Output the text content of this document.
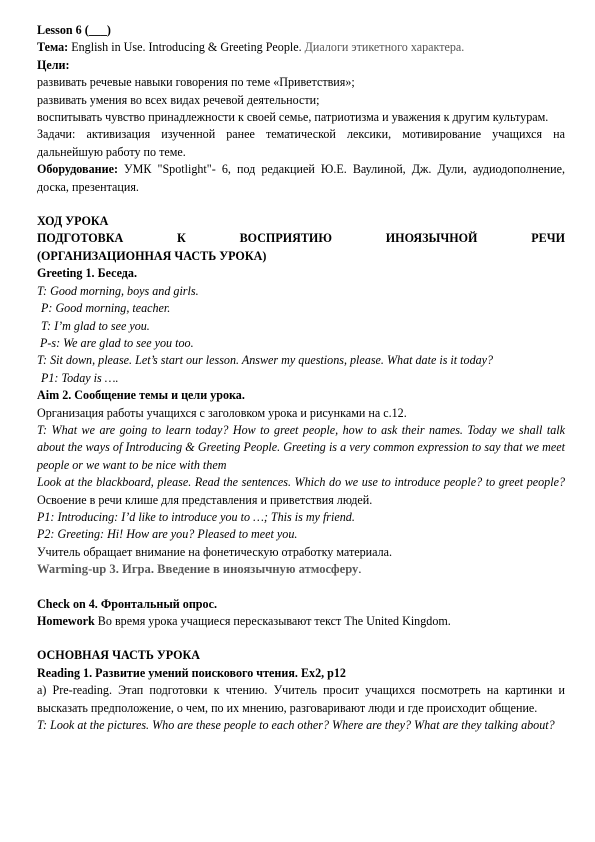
Lesson 6 (___)

Тема: English in Use. Introducing & Greeting People. Диалоги этикетного характера.

Цели:

развивать речевые навыки говорения по теме «Приветствия»;

развивать умения во всех видах речевой деятельности;

воспитывать чувство принадлежности к своей семье, патриотизма и уважения к другим культурам.

Задачи: активизация изученной ранее тематической лексики, мотивирование учащихся на дальнейшую работу по теме.

Оборудование: УМК "Spotlight"- 6, под редакцией Ю.Е. Ваулиной, Дж. Дули, аудиодополнение, доска, презентация.

ХОД УРОКА

ПОДГОТОВКА К ВОСПРИЯТИЮ ИНОЯЗЫЧНОЙ РЕЧИ

(ОРГАНИЗАЦИОННАЯ ЧАСТЬ УРОКА)

Greeting 1. Беседа.

T: Good morning, boys and girls.

P: Good morning, teacher.

T: I’m glad to see you.

P-s: We are glad to see you too.

T: Sit down, please. Let’s start our lesson. Answer my questions, please. What date is it today?

P1: Today is ….

Aim 2. Сообщение темы и цели урока.

Организация работы учащихся с заголовком урока и рисунками на с.12.

T: What we are going to learn today? How to greet people, how to ask their names. Today we shall talk about the ways of Introducing & Greeting People. Greeting is a very common expression to say that we meet people or we want to be nice with them

Look at the blackboard, please. Read the sentences. Which do we use to introduce people? to greet people? Освоение в речи клише для представления и приветствия людей.

P1: Introducing: I’d like to introduce you to …; This is my friend.

P2: Greeting: Hi! How are you? Pleased to meet you.

Учитель обращает внимание на фонетическую отработку материала.

Warming-up 3. Игра. Введение в иноязычную атмосферу.

Check on 4. Фронтальный опрос.

Homework Во время урока учащиеся пересказывают текст The United Kingdom.

ОСНОВНАЯ ЧАСТЬ УРОКА

Reading 1. Развитие умений поискового чтения. Ex2, p12

а) Pre-reading. Этап подготовки к чтению. Учитель просит учащихся посмотреть на картинки и высказать предположение, о чем, по их мнению, разговаривают люди и где происходит общение.

T: Look at the pictures. Who are these people to each other? Where are they? What are they talking about?
